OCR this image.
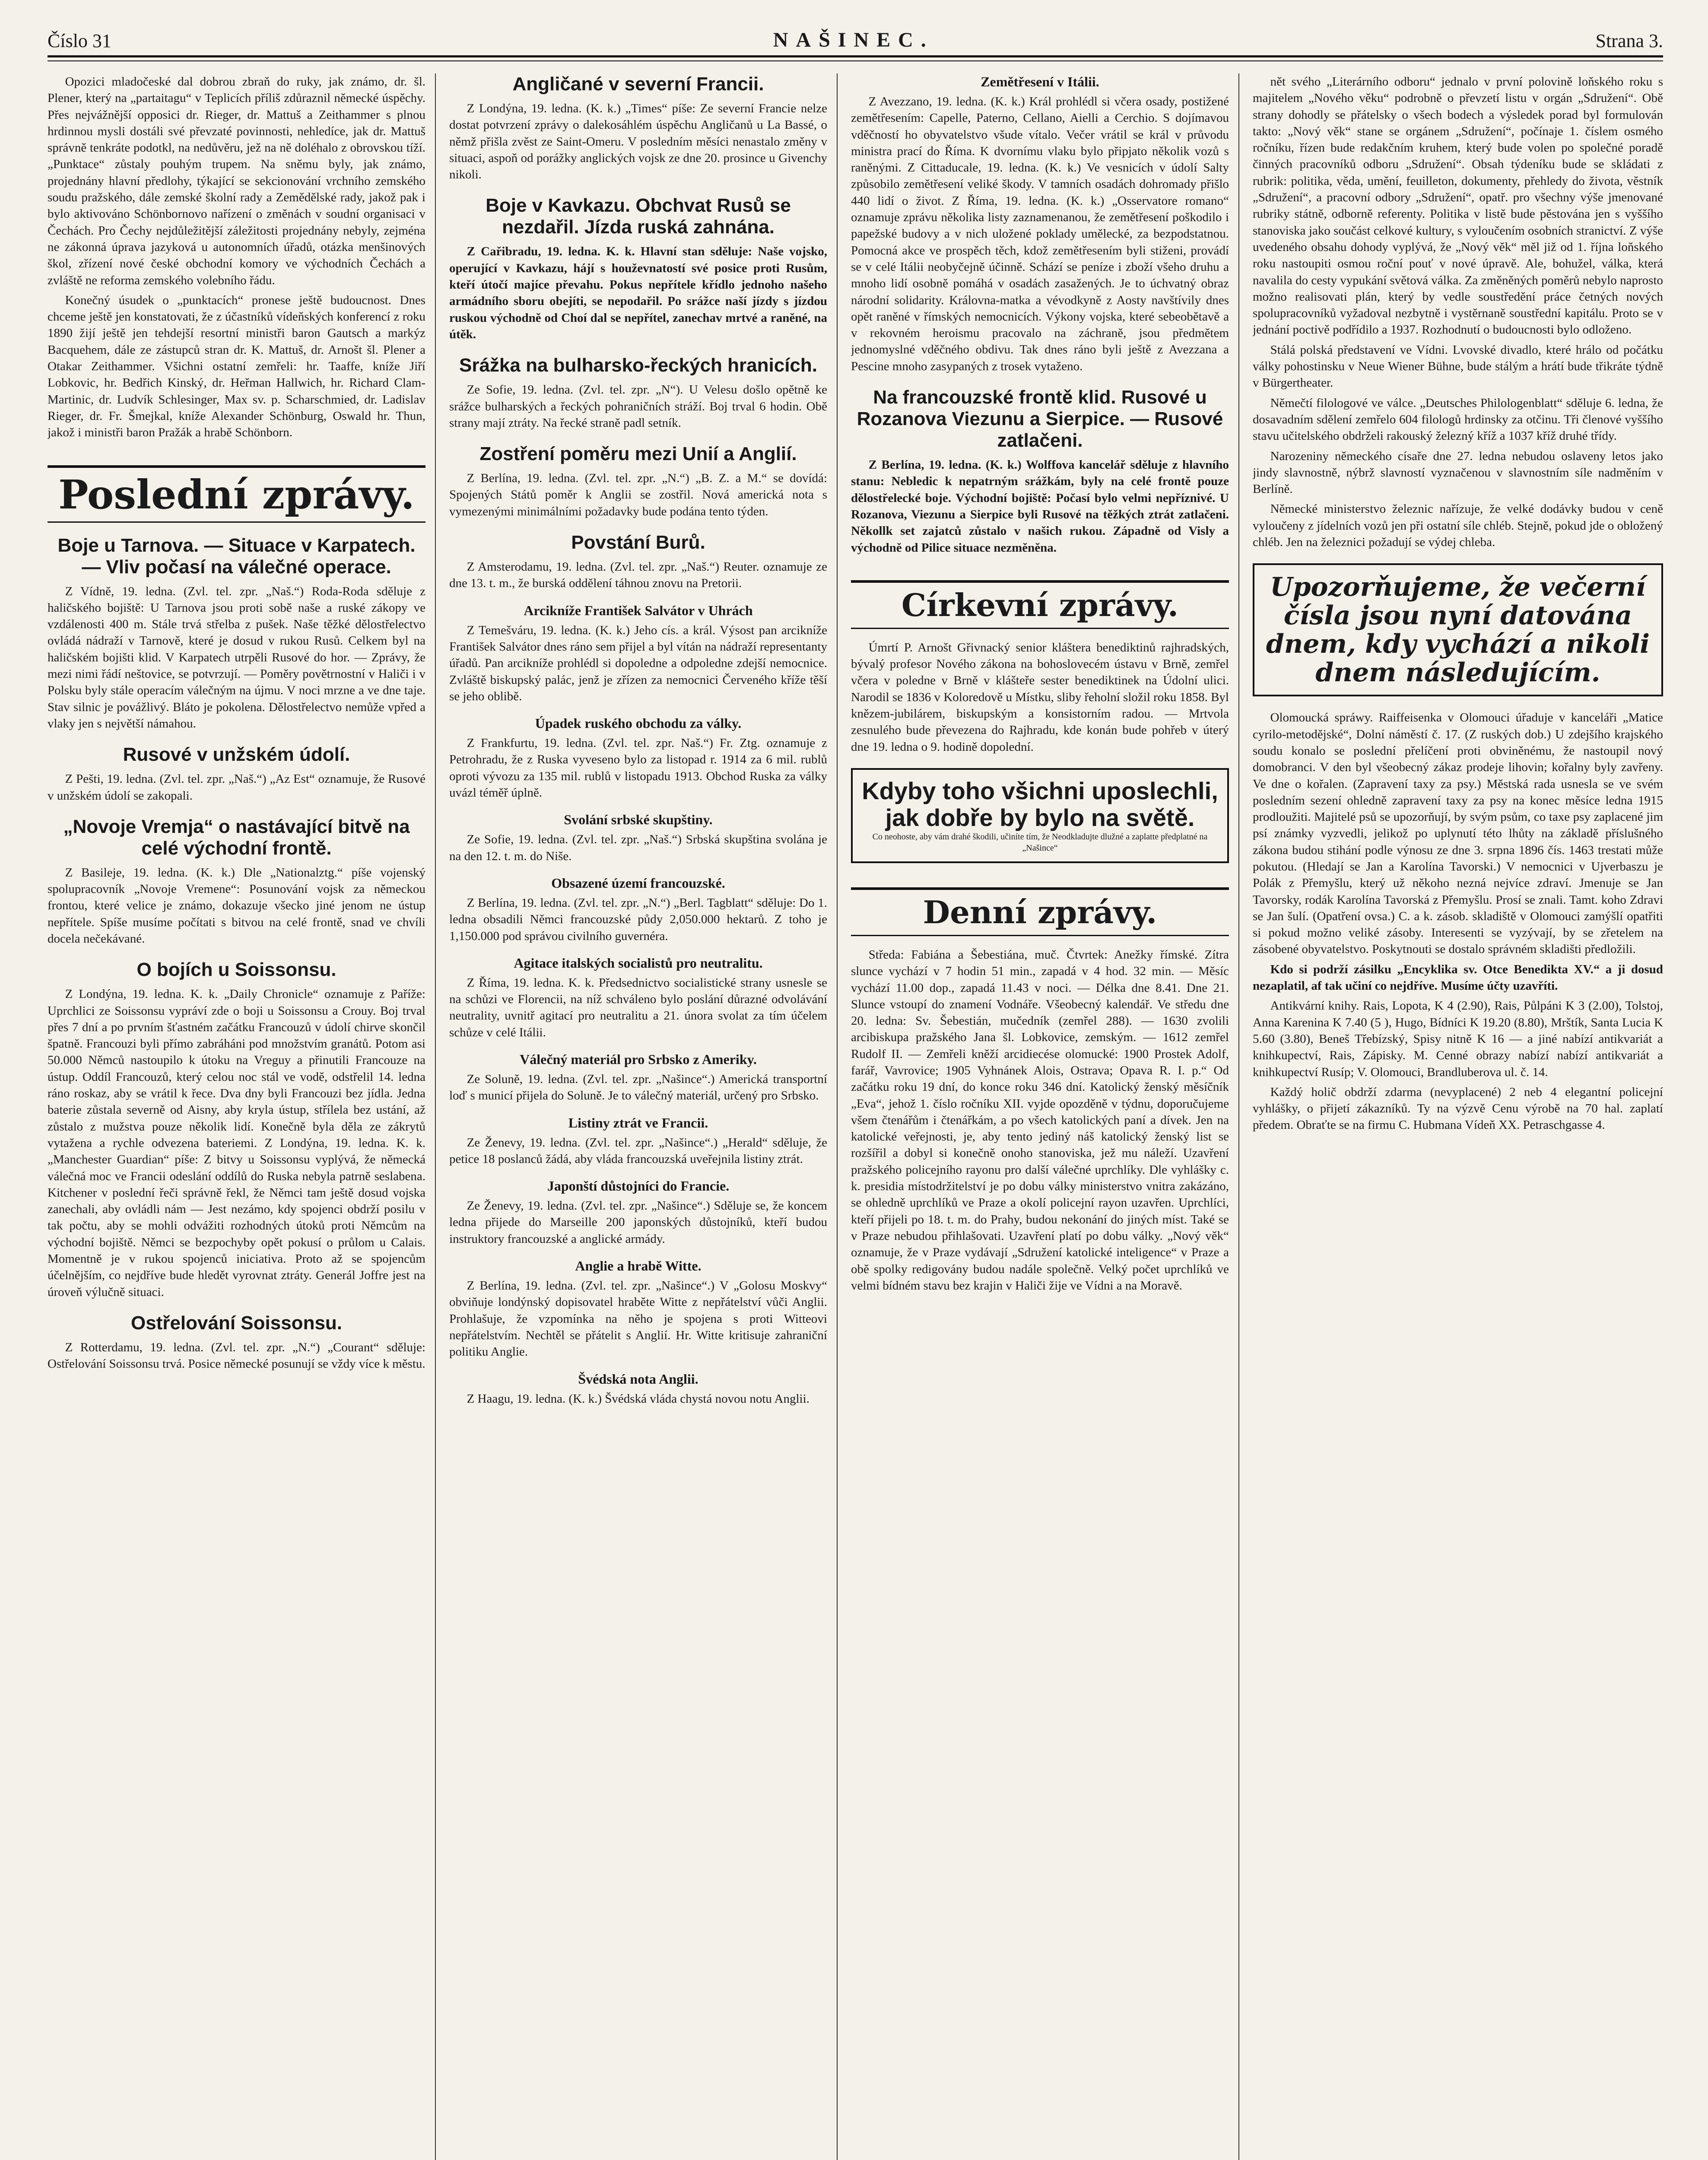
Číslo 31	NAŠINEC.	Strana 3.

Opozici mladočeské dal dobrou zbraň do ruky, jak známo, dr. šl. Plener, který na „partaitagu“ v Teplicích příliš zdůraznil německé úspěchy. Přes nejvážnější opposici dr. Rieger, dr. Mattuš a Zeithammer s plnou hrdinnou mysli dostáli své převzaté povinnosti, nehledíce, jak dr. Mattuš správně tenkráte podotkl, na nedůvěru, jež na ně doléhalo z obrovskou tíží. „Punktace“ zůstaly pouhým trupem. Na sněmu byly, jak známo, projednány hlavní předlohy, týkající se sekcionování vrchního zemského soudu pražského, dále zemské školní rady a Zemědělské rady, jakož pak i bylo aktivováno Schönbornovo nařízení o změnách v soudní organisaci v Čechách. Pro Čechy nejdůležitější záležitosti projednány nebyly, zejména ne zákonná úprava jazyková u autonomních úřadů, otázka menšinových škol, zřízení nové české obchodní komory ve východních Čechách a zvláště ne reforma zemského volebního řádu.

Konečný úsudek o „punktacích“ pronese ještě budoucnost. Dnes chceme ještě jen konstatovati, že z účastníků vídeňských konferencí z roku 1890 žijí ještě jen tehdejší resortní ministři baron Gautsch a markýz Bacquehem, dále ze zástupců stran dr. K. Mattuš, dr. Arnošt šl. Plener a Otakar Zeithammer. Všichni ostatní zemřeli: hr. Taaffe, kníže Jiří Lobkovic, hr. Bedřich Kinský, dr. Heřman Hallwich, hr. Richard Clam-Martinic, dr. Ludvík Schlesinger, Max sv. p. Scharschmied, dr. Ladislav Rieger, dr. Fr. Šmejkal, kníže Alexander Schönburg, Oswald hr. Thun, jakož i ministři baron Pražák a hrabě Schönborn.

Poslední zprávy.
Boje u Tarnova. — Situace v Karpatech. — Vliv počasí na válečné operace.

Z Vídně, 19. ledna. (Zvl. tel. zpr. „Naš.“) Roda-Roda sděluje z haličského bojiště: U Tarnova jsou proti sobě naše a ruské zákopy ve vzdálenosti 400 m. Stále trvá střelba z pušek. Naše těžké dělostřelectvo ovládá nádraží v Tarnově, které je dosud v rukou Rusů. Celkem byl na haličském bojišti klid. V Karpatech utrpěli Rusové do hor. — Zprávy, že mezi nimi řádí neštovice, se potvrzují. — Poměry povětrnostní v Haliči i v Polsku byly stále operacím válečným na újmu. V noci mrzne a ve dne taje. Stav silnic je povážlivý. Bláto je pokolena. Dělostřelectvo nemůže vpřed a vlaky jen s největší námahou.

Rusové v unžském údolí.

Z Pešti, 19. ledna. (Zvl. tel. zpr. „Naš.“) „Az Est“ oznamuje, že Rusové v unžském údolí se zakopali.

„Novoje Vremja“ o nastávající bitvě na celé východní frontě.

Z Basileje, 19. ledna. (K. k.) Dle „Nationalztg.“ píše vojenský spolupracovník „Novoje Vremene“: Posunování vojsk za německou frontou, které velice je známo, dokazuje všecko jiné jenom ne ústup nepřítele. Spíše musíme počítati s bitvou na celé frontě, snad ve chvíli docela nečekávané.

O bojích u Soissonsu.

Z Londýna, 19. ledna. K. k. „Daily Chronicle“ oznamuje z Paříže: Uprchlici ze Soissonsu vypráví zde o boji u Soissonsu a Crouy. Boj trval přes 7 dní a po prvním šťastném začátku Francouzů v údolí chirve skončil špatně. Francouzi byli přímo zabráháni pod množstvím granátů. Potom asi 50.000 Němců nastoupilo k útoku na Vreguy a přinutili Francouze na ústup. Oddíl Francouzů, který celou noc stál ve vodě, odstřelil 14. ledna ráno roskaz, aby se vrátil k řece. Dva dny byli Francouzi bez jídla. Jedna baterie zůstala severně od Aisny, aby kryla ústup, střílela bez ustání, až zůstalo z mužstva pouze několik lidí. Konečně byla děla ze zákrytů vytažena a rychle odvezena bateriemi. Z Londýna, 19. ledna. K. k. „Manchester Guardian“ píše: Z bitvy u Soissonsu vyplývá, že německá válečná moc ve Francii odeslání oddílů do Ruska nebyla patrně seslabena. Kitchener v poslední řeči správně řekl, že Němci tam ještě dosud vojska zanechali, aby ovládli nám — Jest nezámo, kdy spojenci obdrží posilu v tak počtu, aby se mohli odvážiti rozhodných útoků proti Němcům na východní bojiště. Němci se bezpochyby opět pokusí o průlom u Calais. Momentně je v rukou spojenců iniciativa. Proto až se spojencům účelnějším, co nejdříve bude hledět vyrovnat ztráty. Generál Joffre jest na úroveň výlučně situaci.

Ostřelování Soissonsu.

Z Rotterdamu, 19. ledna. (Zvl. tel. zpr. „N.“) „Courant“ sděluje: Ostřelování Soissonsu trvá. Posice německé posunují se vždy více k městu.

Angličané v severní Francii.

Z Londýna, 19. ledna. (K. k.) „Times“ píše: Ze severní Francie nelze dostat potvrzení zprávy o dalekosáhlém úspěchu Angličanů u La Bassé, o němž přišla zvěst ze Saint-Omeru. V posledním měsíci nenastalo změny v situaci, aspoň od porážky anglických vojsk ze dne 20. prosince u Givenchy nikoli.

Boje v Kavkazu. Obchvat Rusů se nezdařil. Jízda ruská zahnána.

Z Cařibradu, 19. ledna. K. k. Hlavní stan sděluje: Naše vojsko, operující v Kavkazu, hájí s houževnatostí své posice proti Rusům, kteří útočí majíce převahu. Pokus nepřítele křídlo jednoho našeho armádního sboru obejíti, se nepodařil. Po srážce naší jízdy s jízdou ruskou východně od Choí dal se nepřítel, zanechav mrtvé a raněné, na útěk.

Srážka na bulharsko-řeckých hranicích.

Ze Sofie, 19. ledna. (Zvl. tel. zpr. „N“). U Velesu došlo opětně ke srážce bulharských a řeckých pohraničních stráží. Boj trval 6 hodin. Obě strany mají ztráty. Na řecké straně padl setník.

Zostření poměru mezi Unií a Anglií.

Z Berlína, 19. ledna. (Zvl. tel. zpr. „N.“) „B. Z. a M.“ se dovídá: Spojených Států poměr k Anglii se zostřil. Nová americká nota s vymezenými minimálními požadavky bude podána tento týden.

Povstání Burů.

Z Amsterodamu, 19. ledna. (Zvl. tel. zpr. „Naš.“) Reuter. oznamuje ze dne 13. t. m., že burská oddělení táhnou znovu na Pretorii.

Arcikníže František Salvátor v Uhrách

Z Temešváru, 19. ledna. (K. k.) Jeho cís. a král. Výsost pan arcikníže František Salvátor dnes ráno sem přijel a byl vítán na nádraží representanty úřadů. Pan arcikníže prohlédl si dopoledne a odpoledne zdejší nemocnice. Zvláště biskupský palác, jenž je zřízen za nemocnici Červeného kříže těší se jeho oblibě.

Úpadek ruského obchodu za války.

Z Frankfurtu, 19. ledna. (Zvl. tel. zpr. Naš.“) Fr. Ztg. oznamuje z Petrohradu, že z Ruska vyveseno bylo za listopad r. 1914 za 6 mil. rublů oproti vývozu za 135 mil. rublů v listopadu 1913. Obchod Ruska za války uvázl téměř úplně.

Svolání srbské skupštiny.

Ze Sofie, 19. ledna. (Zvl. tel. zpr. „Naš.“) Srbská skupština svolána je na den 12. t. m. do Niše.

Obsazené území francouzské.

Z Berlína, 19. ledna. (Zvl. tel. zpr. „N.“) „Berl. Tagblatt“ sděluje: Do 1. ledna obsadili Němci francouzské půdy 2,050.000 hektarů. Z toho je 1,150.000 pod správou civilního guvernéra.

Agitace italských socialistů pro neutralitu.

Z Říma, 19. ledna. K. k. Předsednictvo socialistické strany usnesle se na schůzi ve Florencii, na níž schváleno bylo poslání důrazné odvolávání neutrality, uvnitř agitací pro neutralitu a 21. února svolat za tím účelem schůze v celé Itálii.

Válečný materiál pro Srbsko z Ameriky.

Ze Soluně, 19. ledna. (Zvl. tel. zpr. „Našince“.) Americká transportní loď s municí přijela do Soluně. Je to válečný materiál, určený pro Srbsko.

Listiny ztrát ve Francii.

Ze Ženevy, 19. ledna. (Zvl. tel. zpr. „Našince“.) „Herald“ sděluje, že petice 18 poslanců žádá, aby vláda francouzská uveřejnila listiny ztrát.

Japonští důstojníci do Francie.

Ze Ženevy, 19. ledna. (Zvl. tel. zpr. „Našince“.) Sděluje se, že koncem ledna přijede do Marseille 200 japonských důstojníků, kteří budou instruktory francouzské a anglické armády.

Anglie a hrabě Witte.

Z Berlína, 19. ledna. (Zvl. tel. zpr. „Našince“.) V „Golosu Moskvy“ obviňuje londýnský dopisovatel hraběte Witte z nepřátelství vůči Anglii. Prohlašuje, že vzpomínka na něho je spojena s proti Witteovi nepřátelstvím. Nechtěl se přátelit s Anglií. Hr. Witte kritisuje zahraniční politiku Anglie.

Švédská nota Anglii.

Z Haagu, 19. ledna. (K. k.) Švédská vláda chystá novou notu Anglii.

Zemětřesení v Itálii.

Z Avezzano, 19. ledna. (K. k.) Král prohlédl si včera osady, postižené zemětřesením: Capelle, Paterno, Cellano, Aielli a Cerchio. S dojímavou vděčností ho obyvatelstvo všude vítalo. Večer vrátil se král v průvodu ministra prací do Říma. K dvornímu vlaku bylo připjato několik vozů s raněnými. Z Cittaducale, 19. ledna. (K. k.) Ve vesnicích v údolí Salty způsobilo zemětřesení veliké škody. V tamních osadách dohromady přišlo 440 lidí o život. Z Říma, 19. ledna. (K. k.) „Osservatore romano“ oznamuje zprávu několika listy zaznamenanou, že zemětřesení poškodilo i papežské budovy a v nich uložené poklady umělecké, za bezpodstatnou. Pomocná akce ve prospěch těch, kdož zemětřesením byli stiženi, provádí se v celé Itálii neobyčejně účinně. Schází se peníze i zboží všeho druhu a mnoho lidí osobně pomáhá v osadách zasažených. Je to úchvatný obraz národní solidarity. Královna-matka a vévodkyně z Aosty navštívily dnes opět raněné v římských nemocnicích. Výkony vojska, které sebeobětavě a v rekovném heroismu pracovalo na záchraně, jsou předmětem jednomyslné vděčného obdivu. Tak dnes ráno byli ještě z Avezzana a Pescine mnoho zasypaných z trosek vytaženo.

Na francouzské frontě klid. Rusové u Rozanova Viezunu a Sierpice. — Rusové zatlačeni.

Z Berlína, 19. ledna. (K. k.) Wolffova kancelář sděluje z hlavního stanu: Nebledic k nepatrným srážkám, byly na celé frontě pouze dělostřelecké boje. Východní bojiště: Počasí bylo velmi nepříznivé. U Rozanova, Viezunu a Sierpice byli Rusové na těžkých ztrát zatlačeni. Někollk set zajatců zůstalo v našich rukou. Západně od Visly a východně od Pilice situace nezměněna.

Církevní zprávy.

Úmrtí P. Arnošt Gřivnacký senior kláštera benediktinů rajhradských, bývalý profesor Nového zákona na bohoslovecém ústavu v Brně, zemřel včera v poledne v Brně v klášteře sester benediktinek na Údolní ulici. Narodil se 1836 v Koloredově u Místku, sliby řeholní složil roku 1858. Byl knězem-jubilárem, biskupským a konsistorním radou. — Mrtvola zesnulého bude převezena do Rajhradu, kde konán bude pohřeb v úterý dne 19. ledna o 9. hodině dopolední.

Kdyby toho všichni uposlechli, jak dobře by bylo na světě.
Co neohoste, aby vám drahé škodili, učiníte tím, že Neodkladujte dlužné a zaplatte předplatné na „Našince“
Denní zprávy.

Středa: Fabiána a Šebestiána, muč. Čtvrtek: Anežky římské. Zítra slunce vychází v 7 hodin 51 min., zapadá v 4 hod. 32 min. — Měsíc vychází 11.00 dop., zapadá 11.43 v noci. — Délka dne 8.41. Dne 21. Slunce vstoupí do znamení Vodnáře. Všeobecný kalendář. Ve středu dne 20. ledna: Sv. Šebestián, mučedník (zemřel 288). — 1630 zvolili arcibiskupa pražského Jana šl. Lobkovice, zemským. — 1612 zemřel Rudolf II. — Zemřeli kněží arcidiecése olomucké: 1900 Prostek Adolf, farář, Vavrovice; 1905 Vyhnánek Alois, Ostrava; Opava R. I. p.“ Od začátku roku 19 dní, do konce roku 346 dní. Katolický ženský měsíčník „Eva“, jehož 1. číslo ročníku XII. vyjde opozděně v týdnu, doporučujeme všem čtenářům i čtenářkám, a po všech katolických paní a dívek. Jen na katolické veřejnosti, je, aby tento jediný náš katolický ženský list se rozšířil a dobyl si konečně onoho stanoviska, jež mu náleží. Uzavření pražského policejního rayonu pro další válečné uprchlíky. Dle vyhlášky c. k. presidia místodržitelství je po dobu války ministerstvo vnitra zakázáno, se ohledně uprchlíků ve Praze a okolí policejní rayon uzavřen. Uprchlíci, kteří přijeli po 18. t. m. do Prahy, budou nekonání do jiných míst. Také se v Praze nebudou přihlašovati. Uzavření platí po dobu války. „Nový věk“ oznamuje, že v Praze vydávají „Sdružení katolické inteligence“ v Praze a obě spolky redigovány budou nadále společně. Velký počet uprchlíků ve velmi bídném stavu bez krajin v Haliči žije ve Vídni a na Moravě.

nět svého „Literárního odboru“ jednalo v první polovině loňského roku s majitelem „Nového věku“ podrobně o převzetí listu v orgán „Sdružení“. Obě strany dohodly se přátelsky o všech bodech a výsledek porad byl formulován takto: „Nový věk“ stane se orgánem „Sdružení“, počínaje 1. číslem osmého ročníku, řízen bude redakčním kruhem, který bude volen po společné poradě činných pracovníků odboru „Sdružení“. Obsah týdeníku bude se skládati z rubrik: politika, věda, umění, feuilleton, dokumenty, přehledy do života, věstník „Sdružení“, a pracovní odbory „Sdružení“, opatř. pro všechny výše jmenované rubriky státně, odborně referenty. Politika v listě bude pěstována jen s vyššího stanoviska jako součást celkové kultury, s vyloučením osobních stranictví. Z výše uvedeného obsahu dohody vyplývá, že „Nový věk“ měl již od 1. října loňského roku nastoupiti osmou roční pouť v nové úpravě. Ale, bohužel, válka, která navalila do cesty vypukání světová válka. Za změněných poměrů nebylo naprosto možno realisovati plán, který by vedle soustředění práce četných nových spolupracovníků vyžadoval nezbytně i vystěrnaně soustřední kapitálu. Proto se v jednání poctivě podřídilo a 1937. Rozhodnutí o budoucnosti bylo odloženo.

Stálá polská představení ve Vídni. Lvovské divadlo, které hrálo od počátku války pohostinsku v Neue Wiener Bühne, bude stálým a hrátí bude třikráte týdně v Bürgertheater.

Němečtí filologové ve válce. „Deutsches Philologenblatt“ sděluje 6. ledna, že dosavadním sdělení zemřelo 604 filologů hrdinsky za otčinu. Tři členové vyššího stavu učitelského obdrželi rakouský železný kříž a 1037 kříž druhé třídy.

Narozeniny německého císaře dne 27. ledna nebudou oslaveny letos jako jindy slavnostně, nýbrž slavností vyznačenou v slavnostním síle nadměním v Berlíně.

Německé ministerstvo železnic nařízuje, že velké dodávky budou v ceně vyloučeny z jídelních vozů jen při ostatní síle chléb. Stejně, pokud jde o obložený chléb. Jen na železnici požadují se výdej chleba.

Upozorňujeme, že večerní čísla jsou nyní datována dnem, kdy vychází a nikoli dnem následujícím.

Olomoucká spráwy. Raiffeisenka v Olomouci úřaduje v kanceláři „Matice cyrilo-metodějské“, Dolní náměstí č. 17. (Z ruských dob.) U zdejšího krajského soudu konalo se poslední přelíčení proti obviněnému, že nastoupil nový domobranci. V den byl všeobecný zákaz prodeje lihovin; kořalny byly zavřeny. Ve dne o kořalen. (Zapravení taxy za psy.) Městská rada usnesla se ve svém posledním sezení ohledně zapravení taxy za psy na konec měsíce ledna 1915 prodloužiti. Majitelé psů se upozorňují, by svým psům, co taxe psy zaplacené jim psí známky vyzvedli, jelikož po uplynutí této lhůty na základě příslušného zákona budou stihání podle výnosu ze dne 3. srpna 1896 čís. 1463 trestati může pokutou. (Hledají se Jan a Karolína Tavorski.) V nemocnici v Ujverbaszu je Polák z Přemyšlu, který už někoho nezná nejvíce zdraví. Jmenuje se Jan Tavorsky, rodák Karolína Tavorská z Přemyšlu. Prosí se znali. Tamt. koho Zdravi se Jan šulí. (Opatření ovsa.) C. a k. zásob. skladiště v Olomouci zamýšlí opatřiti si pokud možno veliké zásoby. Interesenti se vyzývají, by se zřetelem na zásobené obyvatelstvo. Poskytnouti se dostalo správném skladišti předložili.

Kdo si podrží zásilku „Encyklika sv. Otce Benedikta XV.“ a ji dosud nezaplatil, af tak učiní co nejdříve. Musíme účty uzavříti.

Antikvární knihy. Rais, Lopota, K 4 (2.90), Rais, Půlpáni K 3 (2.00), Tolstoj, Anna Karenina K 7.40 (5 ), Hugo, Bídníci K 19.20 (8.80), Mrštík, Santa Lucia K 5.60 (3.80), Beneš Třebízský, Spisy nitně K 16 — a jiné nabízí antikvariát a knihkupectví, Rais, Zápisky. M. Cenné obrazy nabízí nabízí antikvariát a knihkupectví Rusíp; V. Olomouci, Brandluberova ul. č. 14.

Každý holič obdrží zdarma (nevyplacené) 2 neb 4 elegantní policejní vyhlášky, o přijetí zákazníků. Ty na výzvě Cenu výrobě na 70 hal. zaplatí předem. Obraťte se na firmu C. Hubmana Vídeň XX. Petraschgasse 4.
